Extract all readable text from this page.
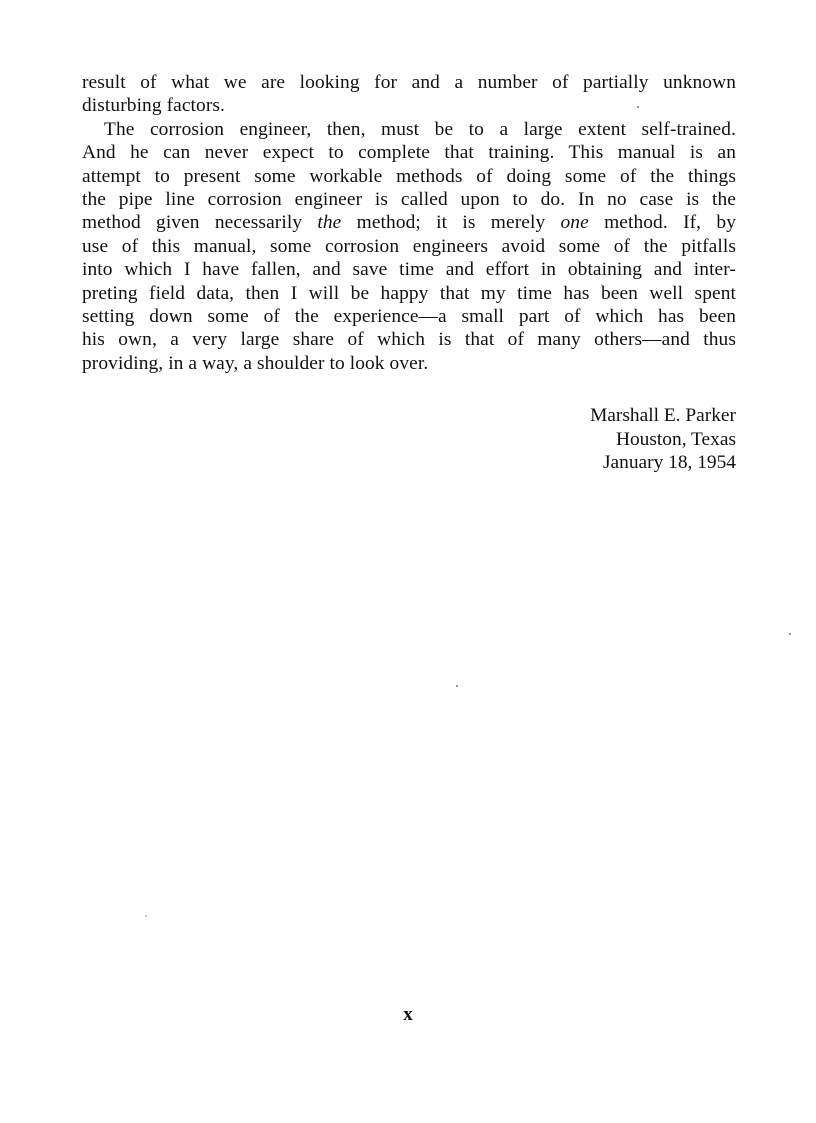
result of what we are looking for and a number of partially unknown
disturbing factors.
The corrosion engineer, then, must be to a large extent self-trained.
And he can never expect to complete that training. This manual is an
attempt to present some workable methods of doing some of the things
the pipe line corrosion engineer is called upon to do. In no case is the
method given necessarily the method; it is merely one method. If, by
use of this manual, some corrosion engineers avoid some of the pitfalls
into which I have fallen, and save time and effort in obtaining and inter-
preting field data, then I will be happy that my time has been well spent
setting down some of the experience—a small part of which has been
his own, a very large share of which is that of many others—and thus
providing, in a way, a shoulder to look over.
Marshall E. Parker
Houston, Texas
January 18, 1954
x
